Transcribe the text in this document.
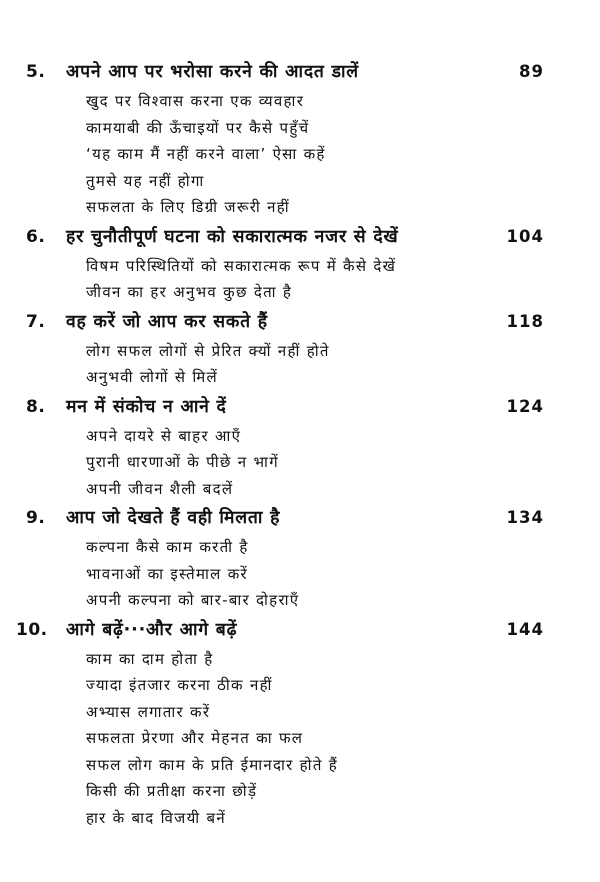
5.	अपने आप पर भरोसा करने की आदत डालें	89
खुद पर विश्वास करना एक व्यवहार
कामयाबी की ऊँचाइयों पर कैसे पहुँचें
‘यह काम मैं नहीं करने वाला’ ऐसा कहें
तुमसे यह नहीं होगा
सफलता के लिए डिग्री जरूरी नहीं
6.	हर चुनौतीपूर्ण घटना को सकारात्मक नजर से देखें	104
विषम परिस्थितियों को सकारात्मक रूप में कैसे देखें
जीवन का हर अनुभव कुछ देता है
7.	वह करें जो आप कर सकते हैं	118
लोग सफल लोगों से प्रेरित क्यों नहीं होते
अनुभवी लोगों से मिलें
8.	मन में संकोच न आने दें	124
अपने दायरे से बाहर आएँ
पुरानी धारणाओं के पीछे न भागें
अपनी जीवन शैली बदलें
9.	आप जो देखते हैं वही मिलता है	134
कल्पना कैसे काम करती है
भावनाओं का इस्तेमाल करें
अपनी कल्पना को बार-बार दोहराएँ
10.	आगे बढ़ें···और आगे बढ़ें	144
काम का दाम होता है
ज्यादा इंतजार करना ठीक नहीं
अभ्यास लगातार करें
सफलता प्रेरणा और मेहनत का फल
सफल लोग काम के प्रति ईमानदार होते हैं
किसी की प्रतीक्षा करना छोड़ें
हार के बाद विजयी बनें
